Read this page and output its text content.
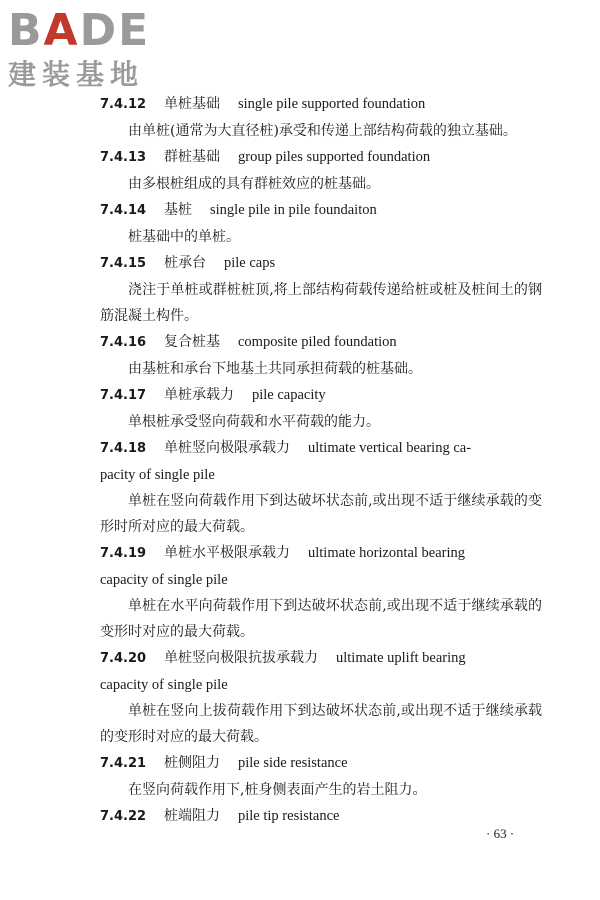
BADE
建装基地
7.4.12 单桩基础 single pile supported foundation

由单桩(通常为大直径桩)承受和传递上部结构荷载的独立基础。

7.4.13 群桩基础 group piles supported foundation

由多根桩组成的具有群桩效应的桩基础。

7.4.14 基桩 single pile in pile foundaiton

桩基础中的单桩。

7.4.15 桩承台 pile caps

浇注于单桩或群桩桩顶,将上部结构荷载传递给桩或桩及桩间土的钢筋混凝土构件。

7.4.16 复合桩基 composite piled foundation

由基桩和承台下地基土共同承担荷载的桩基础。

7.4.17 单桩承载力 pile capacity

单根桩承受竖向荷载和水平荷载的能力。

7.4.18 单桩竖向极限承载力 ultimate vertical bearing ca-
pacity of single pile

单桩在竖向荷载作用下到达破坏状态前,或出现不适于继续承载的变形时所对应的最大荷载。

7.4.19 单桩水平极限承载力 ultimate horizontal bearing
capacity of single pile

单桩在水平向荷载作用下到达破坏状态前,或出现不适于继续承载的变形时对应的最大荷载。

7.4.20 单桩竖向极限抗拔承载力 ultimate uplift bearing
capacity of single pile

单桩在竖向上拔荷载作用下到达破坏状态前,或出现不适于继续承载的变形时对应的最大荷载。

7.4.21 桩侧阻力 pile side resistance

在竖向荷载作用下,桩身侧表面产生的岩土阻力。

7.4.22 桩端阻力 pile tip resistance
· 63 ·
